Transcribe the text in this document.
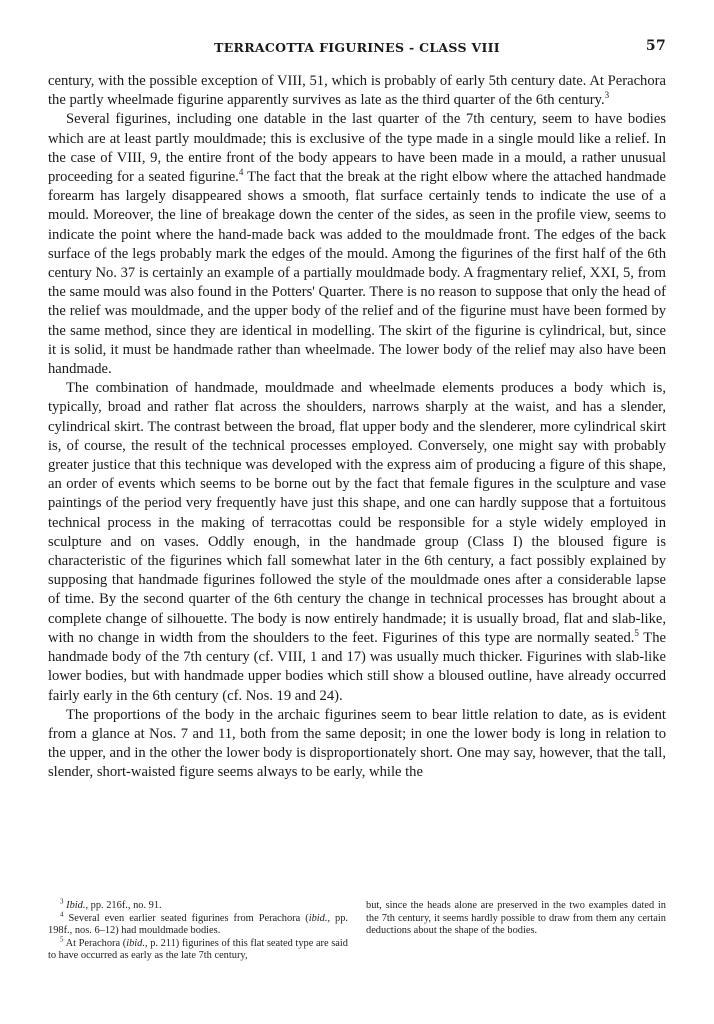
TERRACOTTA FIGURINES - CLASS VIII	57

century, with the possible exception of VIII, 51, which is probably of early 5th century date. At Perachora the partly wheelmade figurine apparently survives as late as the third quarter of the 6th century.$^3$

Several figurines, including one datable in the last quarter of the 7th century, seem to have bodies which are at least partly mouldmade; this is exclusive of the type made in a single mould like a relief. In the case of VIII, 9, the entire front of the body appears to have been made in a mould, a rather unusual proceeding for a seated figurine.$^4$ The fact that the break at the right elbow where the attached handmade forearm has largely disappeared shows a smooth, flat surface certainly tends to indicate the use of a mould. Moreover, the line of breakage down the center of the sides, as seen in the profile view, seems to indicate the point where the hand-made back was added to the mouldmade front. The edges of the back surface of the legs probably mark the edges of the mould. Among the figurines of the first half of the 6th century No. 37 is certainly an example of a partially mouldmade body. A fragmentary relief, XXI, 5, from the same mould was also found in the Potters' Quarter. There is no reason to suppose that only the head of the relief was mouldmade, and the upper body of the relief and of the figurine must have been formed by the same method, since they are identical in modelling. The skirt of the figurine is cylindrical, but, since it is solid, it must be handmade rather than wheelmade. The lower body of the relief may also have been handmade.

The combination of handmade, mouldmade and wheelmade elements produces a body which is, typically, broad and rather flat across the shoulders, narrows sharply at the waist, and has a slender, cylindrical skirt. The contrast between the broad, flat upper body and the slenderer, more cylindrical skirt is, of course, the result of the technical processes employed. Conversely, one might say with probably greater justice that this technique was developed with the express aim of producing a figure of this shape, an order of events which seems to be borne out by the fact that female figures in the sculpture and vase paintings of the period very frequently have just this shape, and one can hardly suppose that a fortuitous technical process in the making of terracottas could be responsible for a style widely employed in sculpture and on vases. Oddly enough, in the handmade group (Class I) the bloused figure is characteristic of the figurines which fall somewhat later in the 6th century, a fact possibly explained by supposing that handmade figurines followed the style of the mouldmade ones after a considerable lapse of time. By the second quarter of the 6th century the change in technical processes has brought about a complete change of silhouette. The body is now entirely handmade; it is usually broad, flat and slab-like, with no change in width from the shoulders to the feet. Figurines of this type are normally seated.$^5$ The handmade body of the 7th century (cf. VIII, 1 and 17) was usually much thicker. Figurines with slab-like lower bodies, but with handmade upper bodies which still show a bloused outline, have already occurred fairly early in the 6th century (cf. Nos. 19 and 24).

The proportions of the body in the archaic figurines seem to bear little relation to date, as is evident from a glance at Nos. 7 and 11, both from the same deposit; in one the lower body is long in relation to the upper, and in the other the lower body is disproportionately short. One may say, however, that the tall, slender, short-waisted figure seems always to be early, while the

$^3$ Ibid., pp. 216f., no. 91.

$^4$ Several even earlier seated figurines from Perachora (ibid., pp. 198f., nos. 6–12) had mouldmade bodies.

$^5$ At Perachora (ibid., p. 211) figurines of this flat seated type are said to have occurred as early as the late 7th century,

but, since the heads alone are preserved in the two examples dated in the 7th century, it seems hardly possible to draw from them any certain deductions about the shape of the bodies.
